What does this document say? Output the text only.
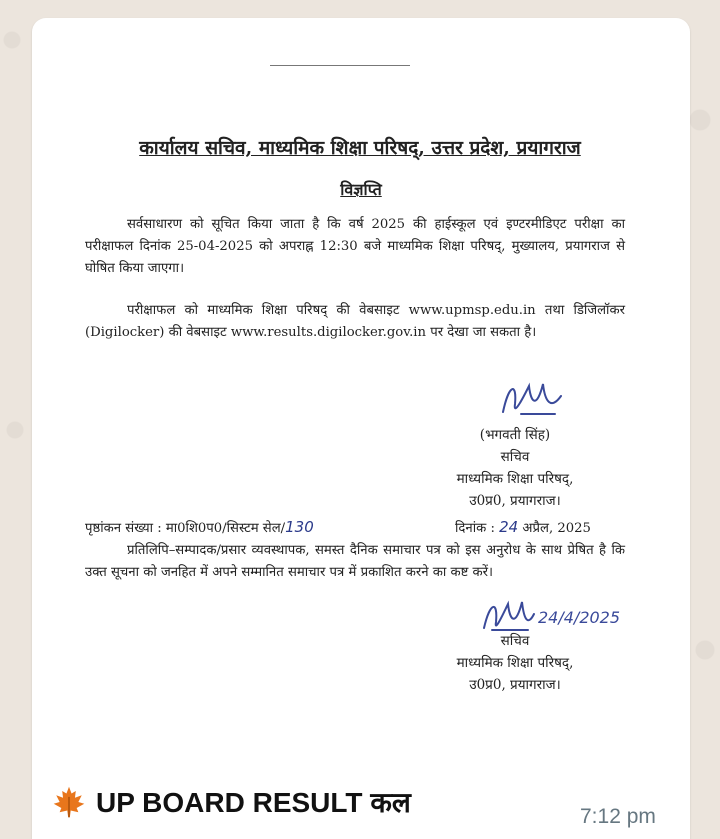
कार्यालय सचिव, माध्यमिक शिक्षा परिषद्, उत्तर प्रदेश, प्रयागराज
विज्ञप्ति
सर्वसाधारण को सूचित किया जाता है कि वर्ष 2025 की हाईस्कूल एवं इण्टरमीडिएट परीक्षा का परीक्षाफल दिनांक 25-04-2025 को अपराह्न 12:30 बजे माध्यमिक शिक्षा परिषद्, मुख्यालय, प्रयागराज से घोषित किया जाएगा।
परीक्षाफल को माध्यमिक शिक्षा परिषद् की वेबसाइट www.upmsp.edu.in तथा डिजिलॉकर (Digilocker) की वेबसाइट www.results.digilocker.gov.in पर देखा जा सकता है।
(भगवती सिंह)
सचिव
माध्यमिक शिक्षा परिषद्,
उ0प्र0, प्रयागराज।
पृष्ठांकन संख्या : मा0शि0प0/सिस्टम सेल/130	दिनांक : 24 अप्रैल, 2025
प्रतिलिपि–सम्पादक/प्रसार व्यवस्थापक, समस्त दैनिक समाचार पत्र को इस अनुरोध के साथ प्रेषित है कि उक्त सूचना को जनहित में अपने सम्मानित समाचार पत्र में प्रकाशित करने का कष्ट करें।
24/4/2025
सचिव
माध्यमिक शिक्षा परिषद्,
उ0प्र0, प्रयागराज।
UP BOARD RESULT कल	7:12 pm
